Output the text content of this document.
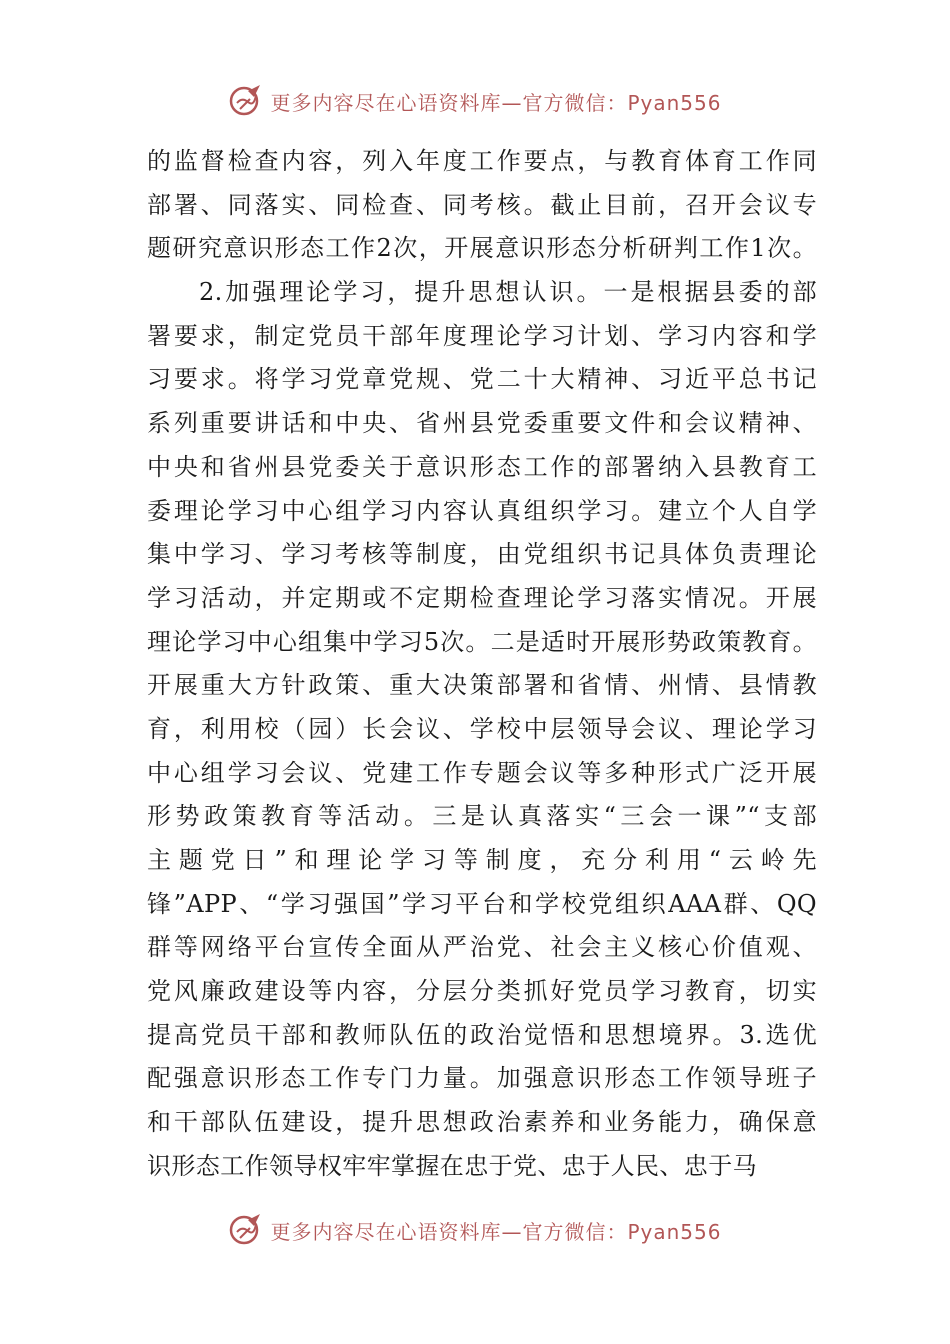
更多内容尽在心语资料库—官方微信：Pyan556
的监督检查内容，列入年度工作要点，与教育体育工作同
部署、同落实、同检查、同考核。截止目前，召开会议专
题研究意识形态工作2次，开展意识形态分析研判工作1次。
2.加强理论学习，提升思想认识。一是根据县委的部
署要求，制定党员干部年度理论学习计划、学习内容和学
习要求。将学习党章党规、党二十大精神、习近平总书记
系列重要讲话和中央、省州县党委重要文件和会议精神、
中央和省州县党委关于意识形态工作的部署纳入县教育工
委理论学习中心组学习内容认真组织学习。建立个人自学
集中学习、学习考核等制度，由党组织书记具体负责理论
学习活动，并定期或不定期检查理论学习落实情况。开展
理论学习中心组集中学习5次。二是适时开展形势政策教育。
开展重大方针政策、重大决策部署和省情、州情、县情教
育，利用校（园）长会议、学校中层领导会议、理论学习
中心组学习会议、党建工作专题会议等多种形式广泛开展
形势政策教育等活动。三是认真落实“三会一课”“支部
主题党日”和理论学习等制度，充分利用“云岭先
锋”APP、“学习强国”学习平台和学校党组织AAA群、QQ
群等网络平台宣传全面从严治党、社会主义核心价值观、
党风廉政建设等内容，分层分类抓好党员学习教育，切实
提高党员干部和教师队伍的政治觉悟和思想境界。3.选优
配强意识形态工作专门力量。加强意识形态工作领导班子
和干部队伍建设，提升思想政治素养和业务能力，确保意
识形态工作领导权牢牢掌握在忠于党、忠于人民、忠于马
更多内容尽在心语资料库—官方微信：Pyan556
